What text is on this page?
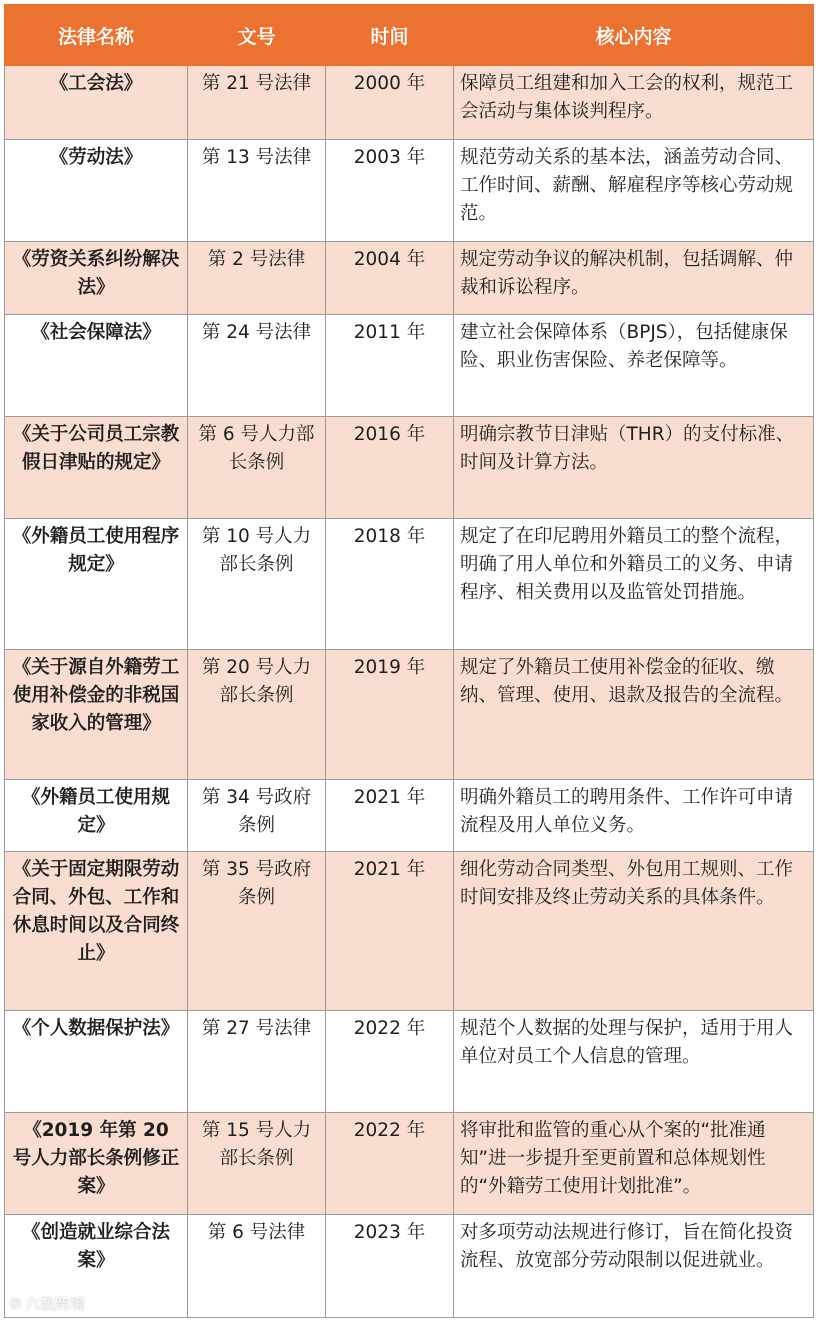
法律名称	文号	时间	核心内容
《工会法》	第 21 号法律	2000 年	保障员工组建和加入工会的权利，规范工会活动与集体谈判程序。
《劳动法》	第 13 号法律	2003 年	规范劳动关系的基本法，涵盖劳动合同、工作时间、薪酬、解雇程序等核心劳动规范。
《劳资关系纠纷解决法》	第 2 号法律	2004 年	规定劳动争议的解决机制，包括调解、仲裁和诉讼程序。
《社会保障法》	第 24 号法律	2011 年	建立社会保障体系（BPJS），包括健康保险、职业伤害保险、养老保障等。
《关于公司员工宗教假日津贴的规定》	第 6 号人力部长条例	2016 年	明确宗教节日津贴（THR）的支付标准、时间及计算方法。
《外籍员工使用程序规定》	第 10 号人力部长条例	2018 年	规定了在印尼聘用外籍员工的整个流程，明确了用人单位和外籍员工的义务、申请程序、相关费用以及监管处罚措施。
《关于源自外籍劳工使用补偿金的非税国家收入的管理》	第 20 号人力部长条例	2019 年	规定了外籍员工使用补偿金的征收、缴纳、管理、使用、退款及报告的全流程。
《外籍员工使用规定》	第 34 号政府条例	2021 年	明确外籍员工的聘用条件、工作许可申请流程及用人单位义务。
《关于固定期限劳动合同、外包、工作和休息时间以及合同终止》	第 35 号政府条例	2021 年	细化劳动合同类型、外包用工规则、工作时间安排及终止劳动关系的具体条件。
《个人数据保护法》	第 27 号法律	2022 年	规范个人数据的处理与保护，适用于用人单位对员工个人信息的管理。
《2019 年第 20 号人力部长条例修正案》	第 15 号人力部长条例	2022 年	将审批和监管的重心从个案的“批准通知”进一步提升至更前置和总体规划性的“外籍劳工使用计划批准”。
《创造就业综合法案》	第 6 号法律	2023 年	对多项劳动法规进行修订，旨在简化投资流程、放宽部分劳动限制以促进就业。
℗ 六数跨境
